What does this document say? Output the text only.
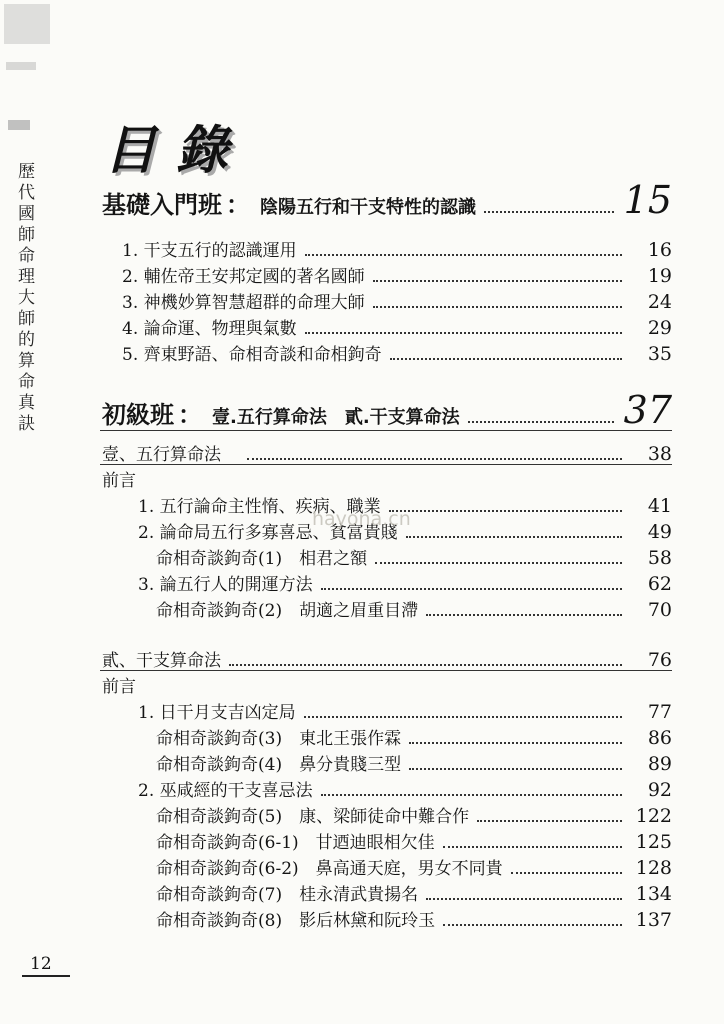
歷
代
國
師
命
理
大
師
的
算
命
真
訣
目錄
基礎入門班 ： 陰陽五行和干支特性的認識	15
1. 干支五行的認識運用	16
2. 輔佐帝王安邦定國的著名國師	19
3. 神機妙算智慧超群的命理大師	24
4. 論命運、物理與氣數	29
5. 齊東野語、命相奇談和命相鉤奇	35
初級班 ： 壹.五行算命法　貳.干支算命法	37
壹、五行算命法	38
前言
1. 五行論命主性惰、疾病、職業	41
2. 論命局五行多寡喜忌、貧富貴賤	49
命相奇談鉤奇(1)　相君之額	58
3. 論五行人的開運方法	62
命相奇談鉤奇(2)　胡適之眉重目滯	70
貳、干支算命法	76
前言
1. 日干月支吉凶定局	77
命相奇談鉤奇(3)　東北王張作霖	86
命相奇談鉤奇(4)　鼻分貴賤三型	89
2. 巫咸經的干支喜忌法	92
命相奇談鉤奇(5)　康、梁師徒命中難合作	122
命相奇談鉤奇(6-1)　甘迺迪眼相欠佳	125
命相奇談鉤奇(6-2)　鼻高通天庭，男女不同貴	128
命相奇談鉤奇(7)　桂永清武貴揚名	134
命相奇談鉤奇(8)　影后林黛和阮玲玉	137
hayona.cn
12
